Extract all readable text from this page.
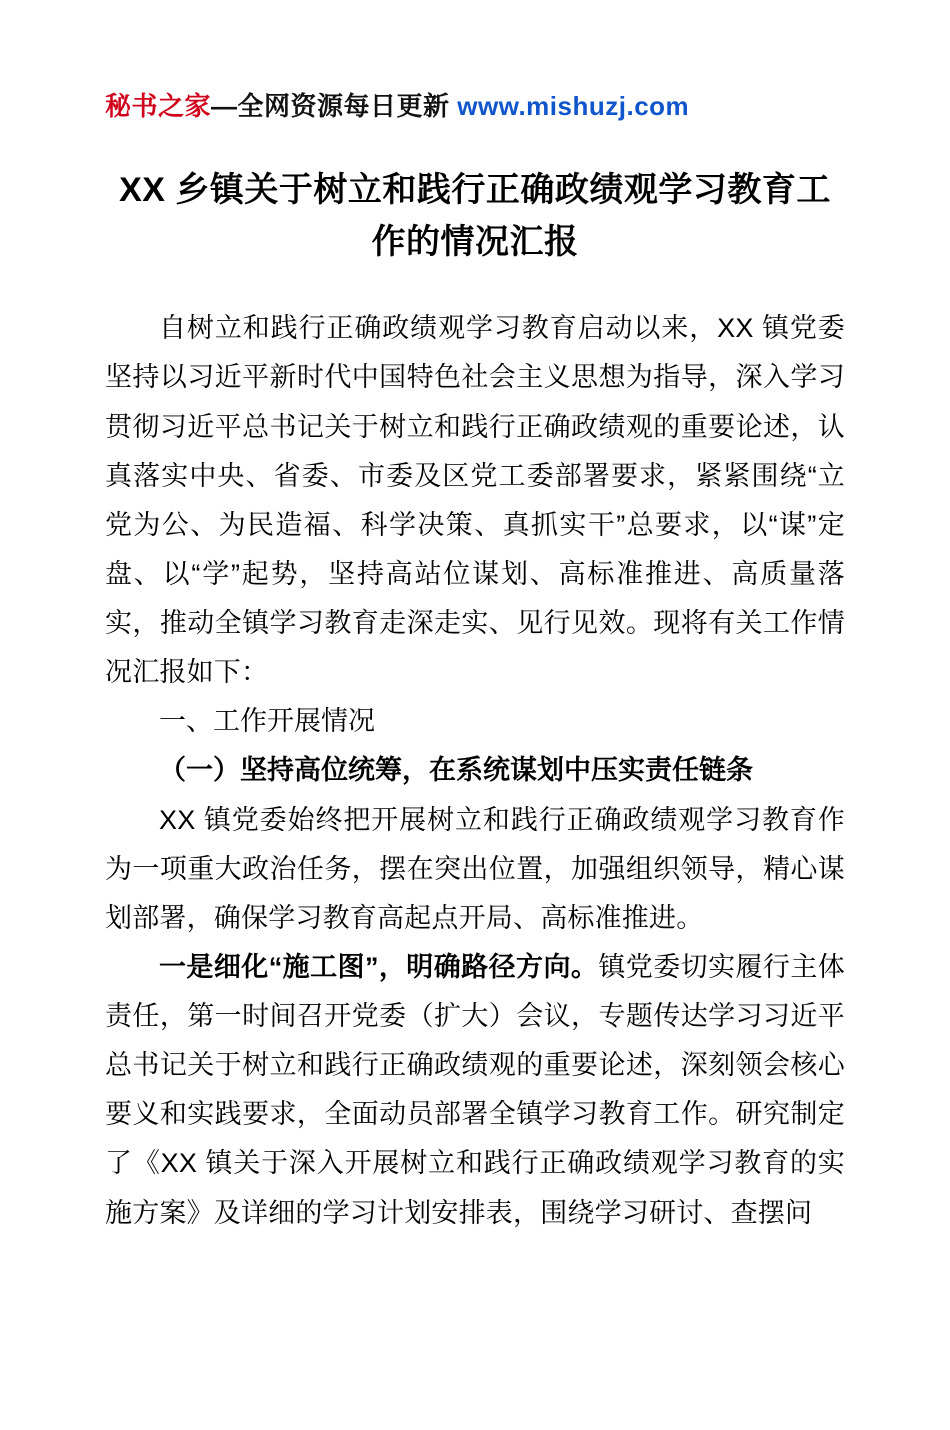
秘书之家—全网资源每日更新 www.mishuzj.com
XX 乡镇关于树立和践行正确政绩观学习教育工作的情况汇报

自树立和践行正确政绩观学习教育启动以来，XX 镇党委坚持以习近平新时代中国特色社会主义思想为指导，深入学习贯彻习近平总书记关于树立和践行正确政绩观的重要论述，认真落实中央、省委、市委及区党工委部署要求，紧紧围绕“立党为公、为民造福、科学决策、真抓实干”总要求，以“谋”定盘、以“学”起势，坚持高站位谋划、高标准推进、高质量落实，推动全镇学习教育走深走实、见行见效。现将有关工作情况汇报如下：

一、工作开展情况

（一）坚持高位统筹，在系统谋划中压实责任链条

XX 镇党委始终把开展树立和践行正确政绩观学习教育作为一项重大政治任务，摆在突出位置，加强组织领导，精心谋划部署，确保学习教育高起点开局、高标准推进。

一是细化“施工图”，明确路径方向。镇党委切实履行主体责任，第一时间召开党委（扩大）会议，专题传达学习习近平总书记关于树立和践行正确政绩观的重要论述，深刻领会核心要义和实践要求，全面动员部署全镇学习教育工作。研究制定了《XX 镇关于深入开展树立和践行正确政绩观学习教育的实施方案》及详细的学习计划安排表，围绕学习研讨、查摆问
